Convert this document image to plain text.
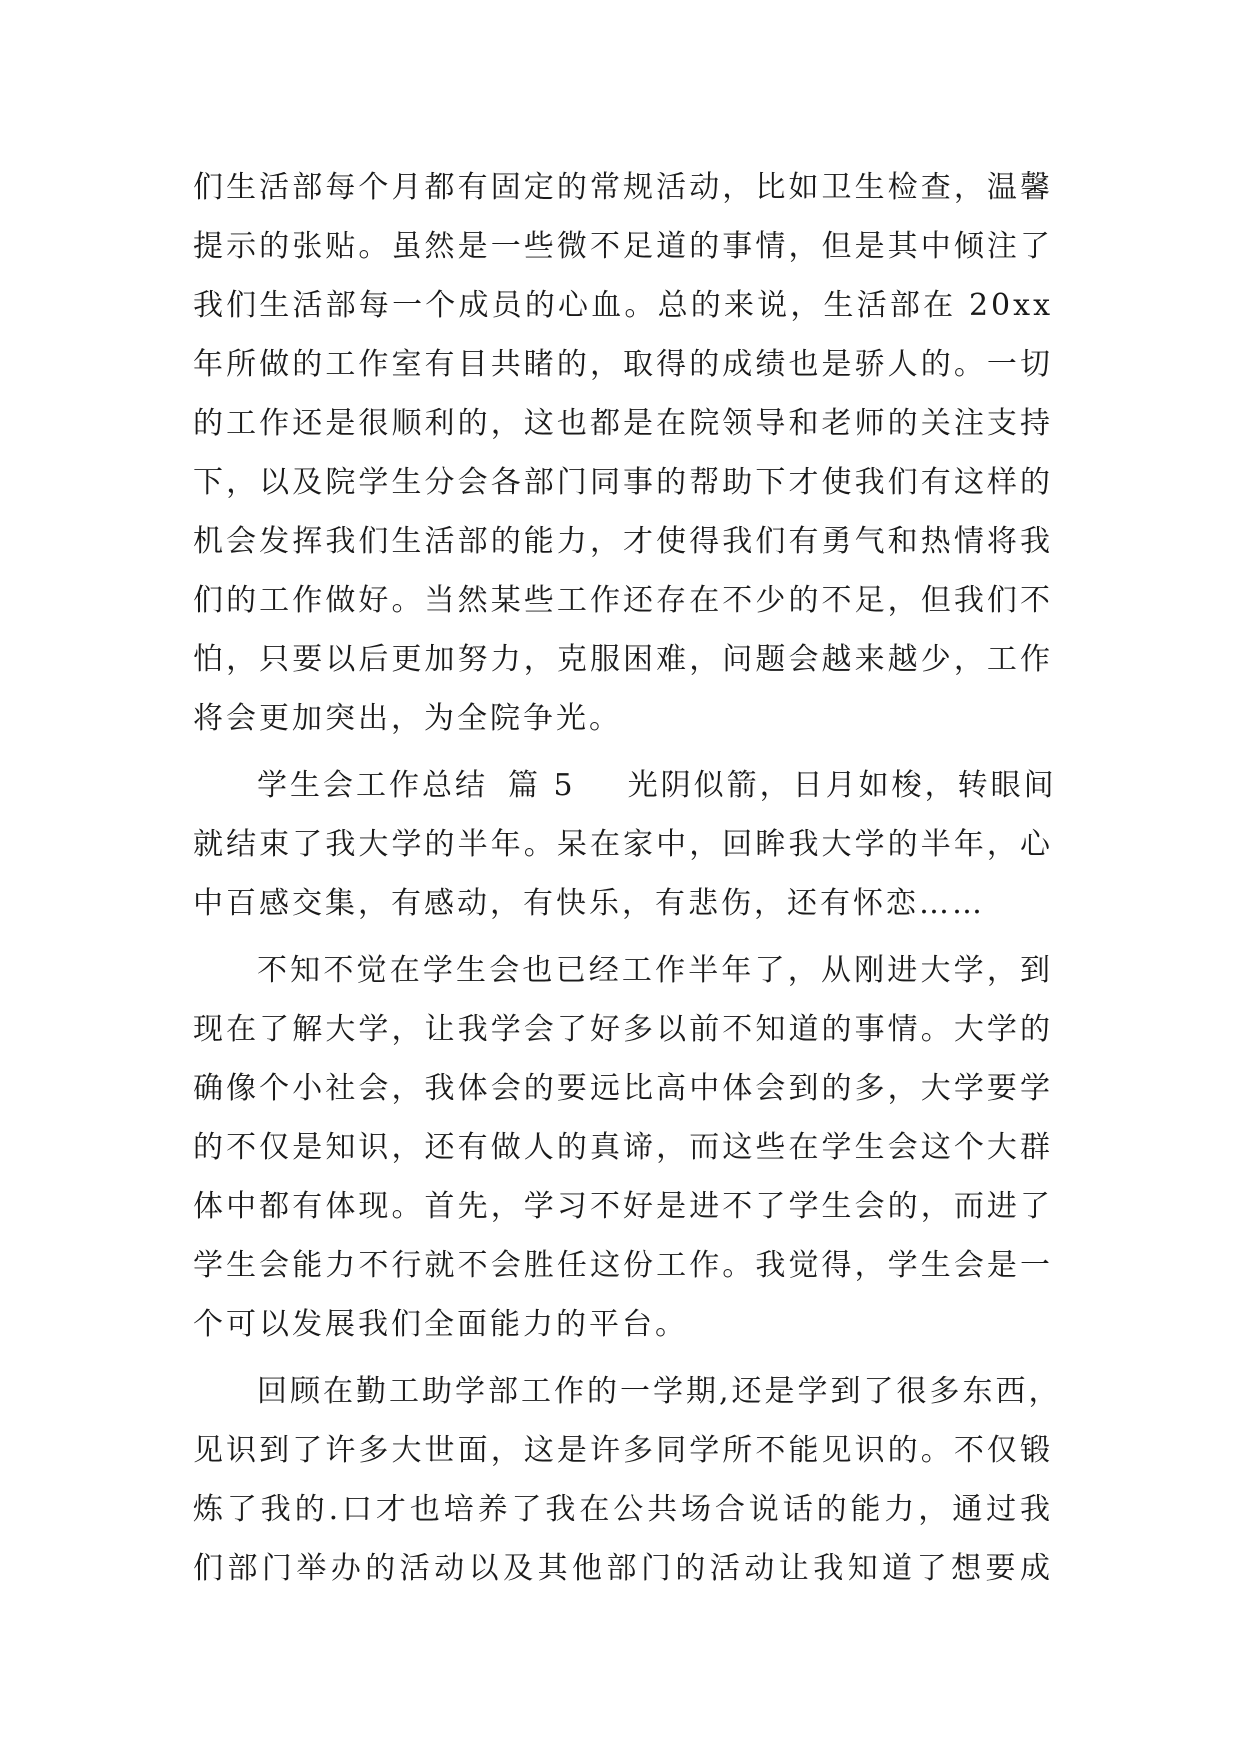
们生活部每个月都有固定的常规活动，比如卫生检查，温馨
提示的张贴。虽然是一些微不足道的事情，但是其中倾注了
我们生活部每一个成员的心血。总的来说，生活部在 20xx
年所做的工作室有目共睹的，取得的成绩也是骄人的。一切
的工作还是很顺利的，这也都是在院领导和老师的关注支持
下，以及院学生分会各部门同事的帮助下才使我们有这样的
机会发挥我们生活部的能力，才使得我们有勇气和热情将我
们的工作做好。当然某些工作还存在不少的不足，但我们不
怕，只要以后更加努力，克服困难，问题会越来越少，工作
将会更加突出，为全院争光。
学生会工作总结 篇 5 光阴似箭，日月如梭，转眼间
就结束了我大学的半年。呆在家中，回眸我大学的半年，心
中百感交集，有感动，有快乐，有悲伤，还有怀恋……
不知不觉在学生会也已经工作半年了，从刚进大学，到
现在了解大学，让我学会了好多以前不知道的事情。大学的
确像个小社会，我体会的要远比高中体会到的多，大学要学
的不仅是知识，还有做人的真谛，而这些在学生会这个大群
体中都有体现。首先，学习不好是进不了学生会的，而进了
学生会能力不行就不会胜任这份工作。我觉得，学生会是一
个可以发展我们全面能力的平台。
回顾在勤工助学部工作的一学期,还是学到了很多东西，
见识到了许多大世面，这是许多同学所不能见识的。不仅锻
炼了我的.口才也培养了我在公共场合说话的能力，通过我
们部门举办的活动以及其他部门的活动让我知道了想要成
